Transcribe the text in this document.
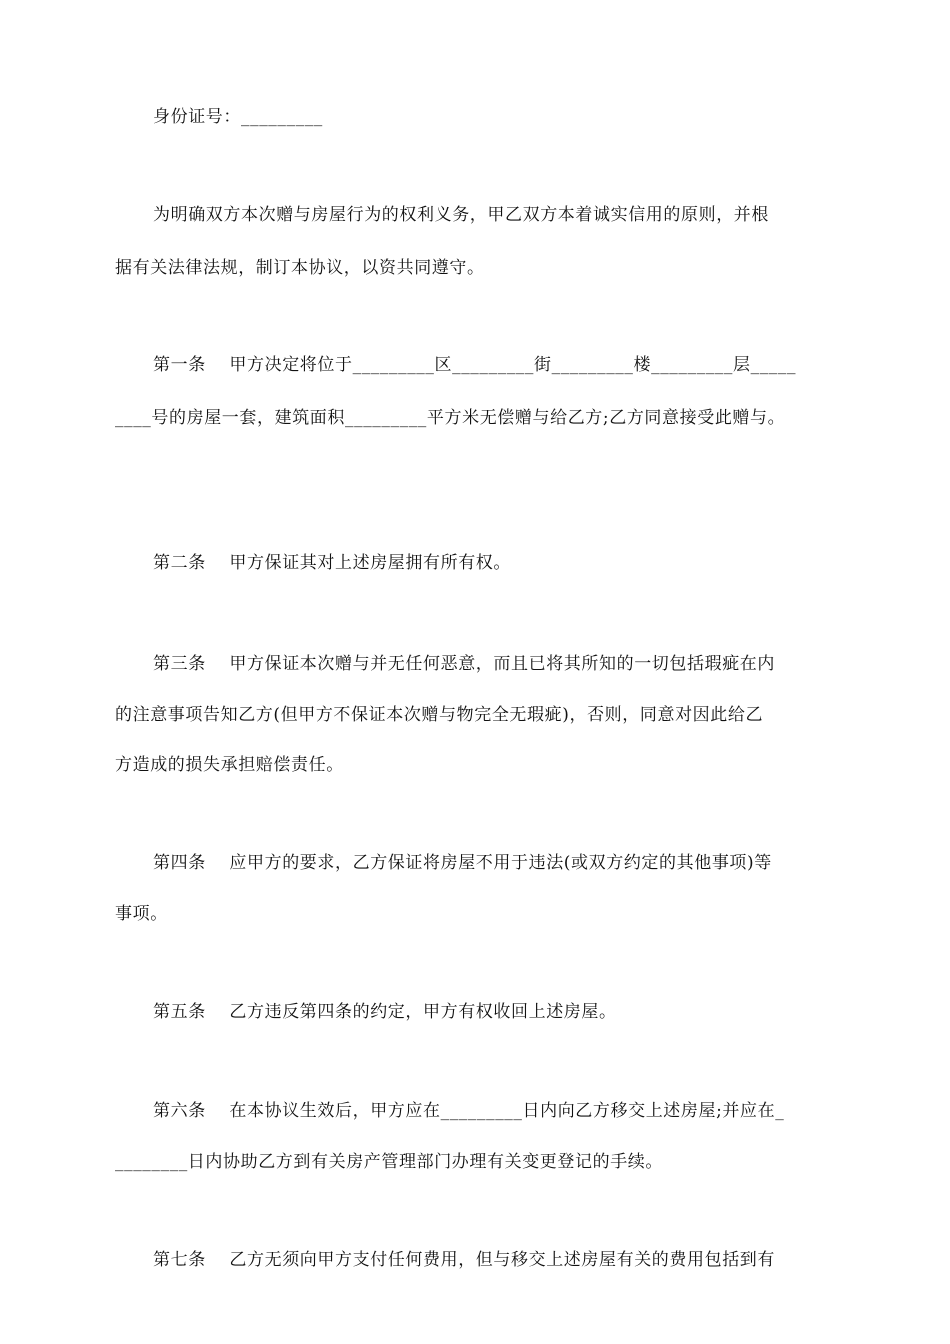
身份证号：_________
为明确双方本次赠与房屋行为的权利义务，甲乙双方本着诚实信用的原则，并根
据有关法律法规，制订本协议，以资共同遵守。
第一条　 甲方决定将位于_________区_________街_________楼_________层_____
____号的房屋一套，建筑面积_________平方米无偿赠与给乙方;乙方同意接受此赠与。
第二条　 甲方保证其对上述房屋拥有所有权。
第三条　 甲方保证本次赠与并无任何恶意，而且已将其所知的一切包括瑕疵在内
的注意事项告知乙方(但甲方不保证本次赠与物完全无瑕疵)，否则，同意对因此给乙
方造成的损失承担赔偿责任。
第四条　 应甲方的要求，乙方保证将房屋不用于违法(或双方约定的其他事项)等
事项。
第五条　 乙方违反第四条的约定，甲方有权收回上述房屋。
第六条　 在本协议生效后，甲方应在_________日内向乙方移交上述房屋;并应在_
________日内协助乙方到有关房产管理部门办理有关变更登记的手续。
第七条　 乙方无须向甲方支付任何费用，但与移交上述房屋有关的费用包括到有
